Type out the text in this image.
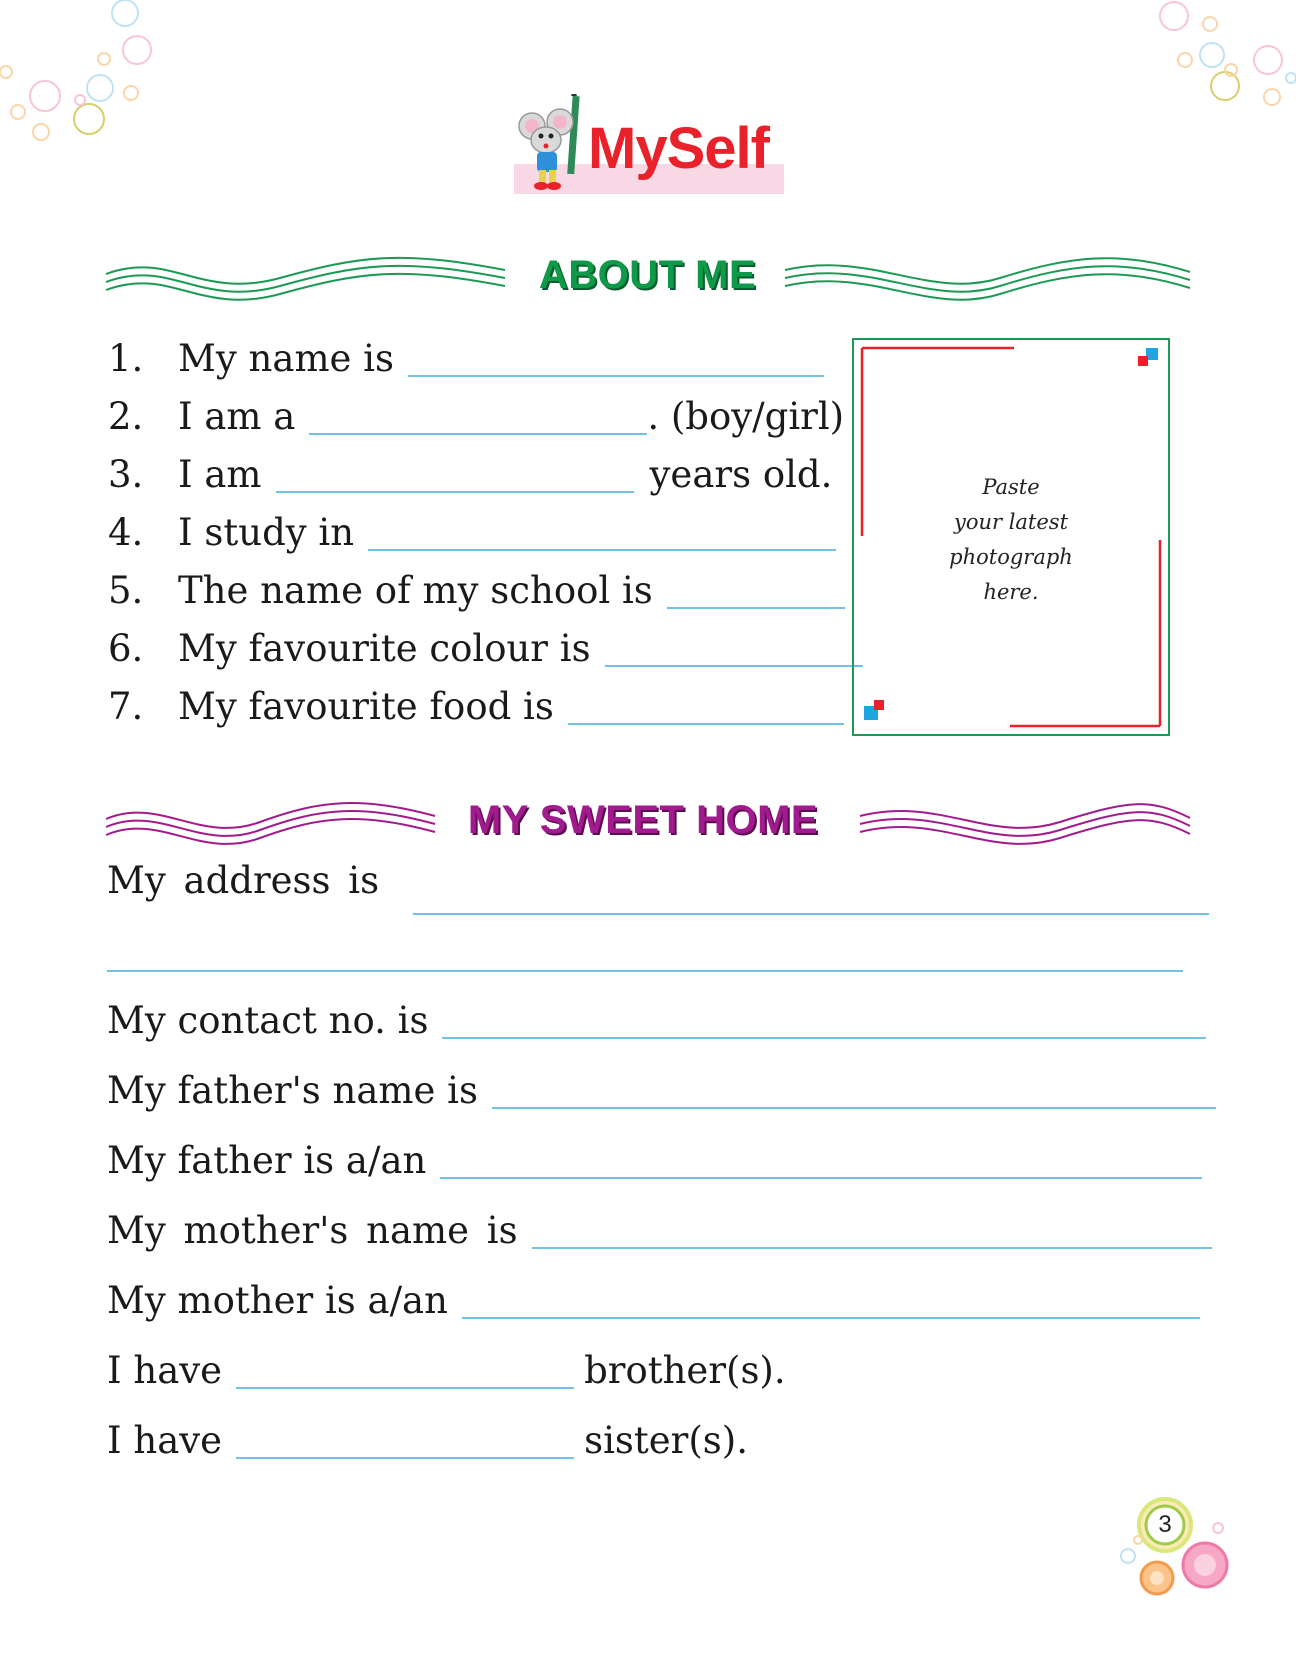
MySelf
ABOUT ME
1. My name is
2. I am a	. (boy/girl)
3. I am	years old.
4. I study in
5. The name of my school is
6. My favourite colour is
7. My favourite food is
Paste
your latest
photograph
here.
MY SWEET HOME
My address is
My contact no. is
My father's name is
My father is a/an
My mother's name is
My mother is a/an
I have	brother(s).
I have	sister(s).
3
